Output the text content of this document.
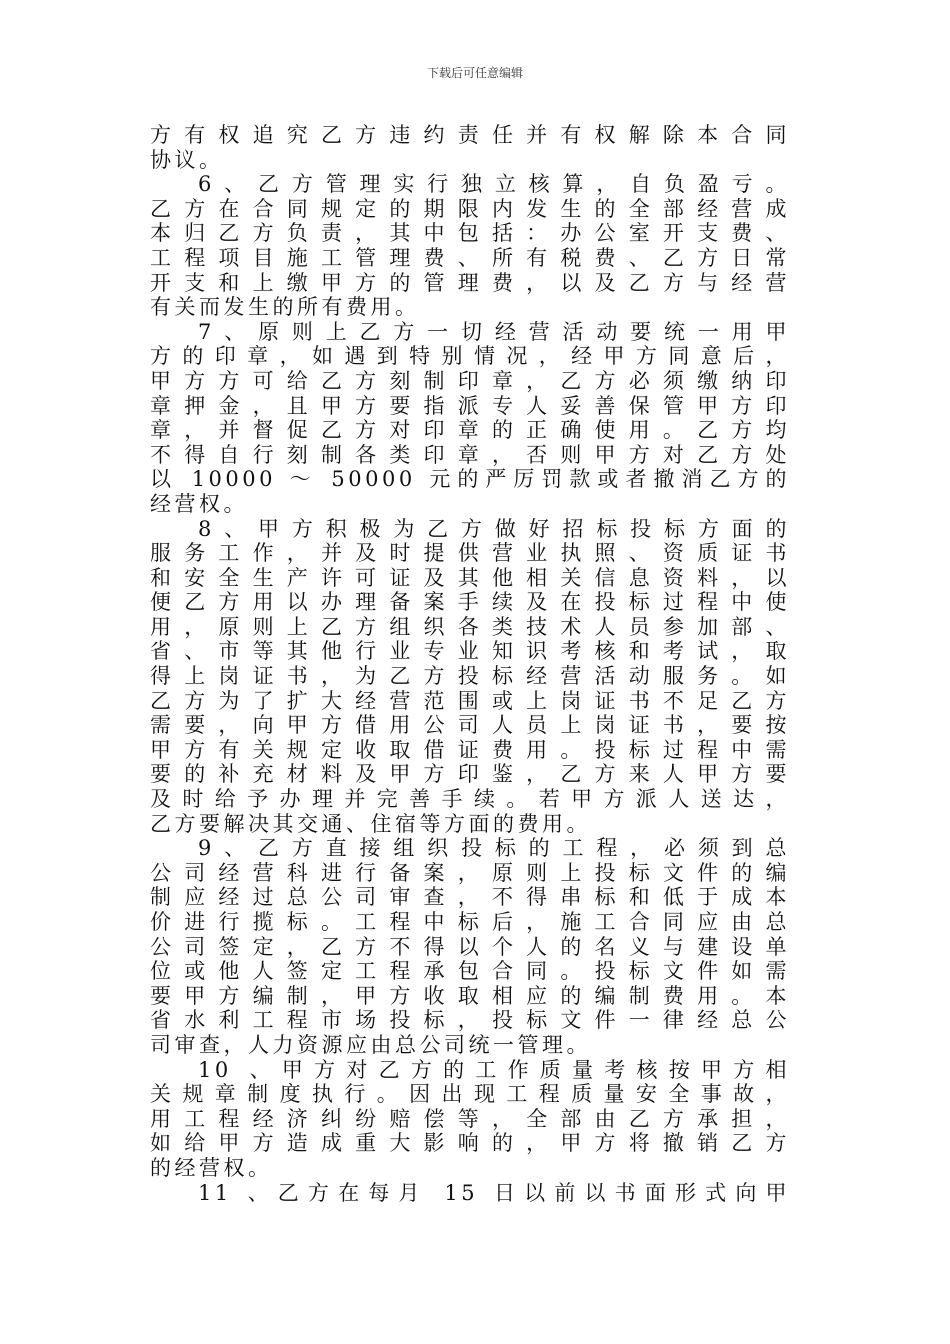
下载后可任意编辑
方有权追究乙方违约责任并有权解除本合同
协议。
6、乙方管理实行独立核算，自负盈亏。
乙方在合同规定的期限内发生的全部经营成
本归乙方负责，其中包括：办公室开支费、
工程项目施工管理费、所有税费、乙方日常
开支和上缴甲方的管理费，以及乙方与经营
有关而发生的所有费用。
7、原则上乙方一切经营活动要统一用甲
方的印章，如遇到特别情况，经甲方同意后，
甲方方可给乙方刻制印章，乙方必须缴纳印
章押金，且甲方要指派专人妥善保管甲方印
章，并督促乙方对印章的正确使用。乙方均
不得自行刻制各类印章，否则甲方对乙方处
以 10000 ～ 50000 元的严厉罚款或者撤消乙方的
经营权。
8、甲方积极为乙方做好招标投标方面的
服务工作，并及时提供营业执照、资质证书
和安全生产许可证及其他相关信息资料，以
便乙方用以办理备案手续及在投标过程中使
用，原则上乙方组织各类技术人员参加部、
省、市等其他行业专业知识考核和考试，取
得上岗证书，为乙方投标经营活动服务。如
乙方为了扩大经营范围或上岗证书不足乙方
需要，向甲方借用公司人员上岗证书，要按
甲方有关规定收取借证费用。投标过程中需
要的补充材料及甲方印鉴，乙方来人甲方要
及时给予办理并完善手续。若甲方派人送达，
乙方要解决其交通、住宿等方面的费用。
9、乙方直接组织投标的工程，必须到总
公司经营科进行备案，原则上投标文件的编
制应经过总公司审查，不得串标和低于成本
价进行揽标。工程中标后，施工合同应由总
公司签定，乙方不得以个人的名义与建设单
位或他人签定工程承包合同。投标文件如需
要甲方编制，甲方收取相应的编制费用。本
省水利工程市场投标，投标文件一律经总公
司审查，人力资源应由总公司统一管理。
10 、甲方对乙方的工作质量考核按甲方相
关规章制度执行。因出现工程质量安全事故，
用工程经济纠纷赔偿等，全部由乙方承担，
如给甲方造成重大影响的，甲方将撤销乙方
的经营权。
11 、乙方在每月 15 日以前以书面形式向甲
